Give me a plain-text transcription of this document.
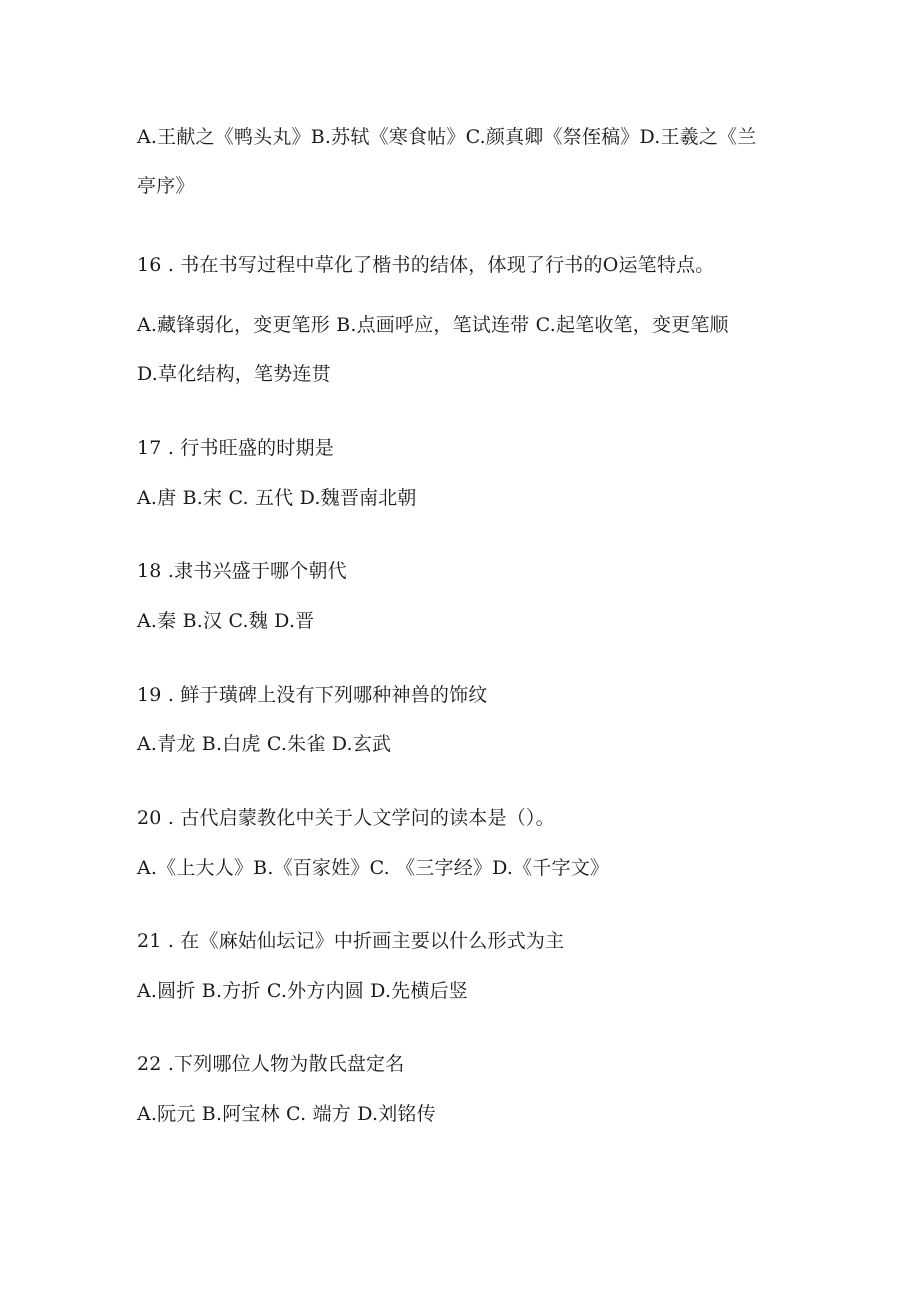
A.王献之《鸭头丸》B.苏轼《寒食帖》C.颜真卿《祭侄稿》D.王羲之《兰
亭序》
16 . 书在书写过程中草化了楷书的结体，体现了行书的O运笔特点。
A.藏锋弱化，变更笔形 B.点画呼应，笔试连带 C.起笔收笔，变更笔顺
D.草化结构，笔势连贯
17 . 行书旺盛的时期是
A.唐 B.宋 C. 五代 D.魏晋南北朝
18 .隶书兴盛于哪个朝代
A.秦 B.汉 C.魏 D.晋
19 . 鲜于璜碑上没有下列哪种神兽的饰纹
A.青龙 B.白虎 C.朱雀 D.玄武
20 . 古代启蒙教化中关于人文学问的读本是（）。
A.《上大人》B.《百家姓》C. 《三字经》D.《千字文》
21 . 在《麻姑仙坛记》中折画主要以什么形式为主
A.圆折 B.方折 C.外方内圆 D.先横后竖
22 .下列哪位人物为散氏盘定名
A.阮元 B.阿宝林 C. 端方 D.刘铭传
